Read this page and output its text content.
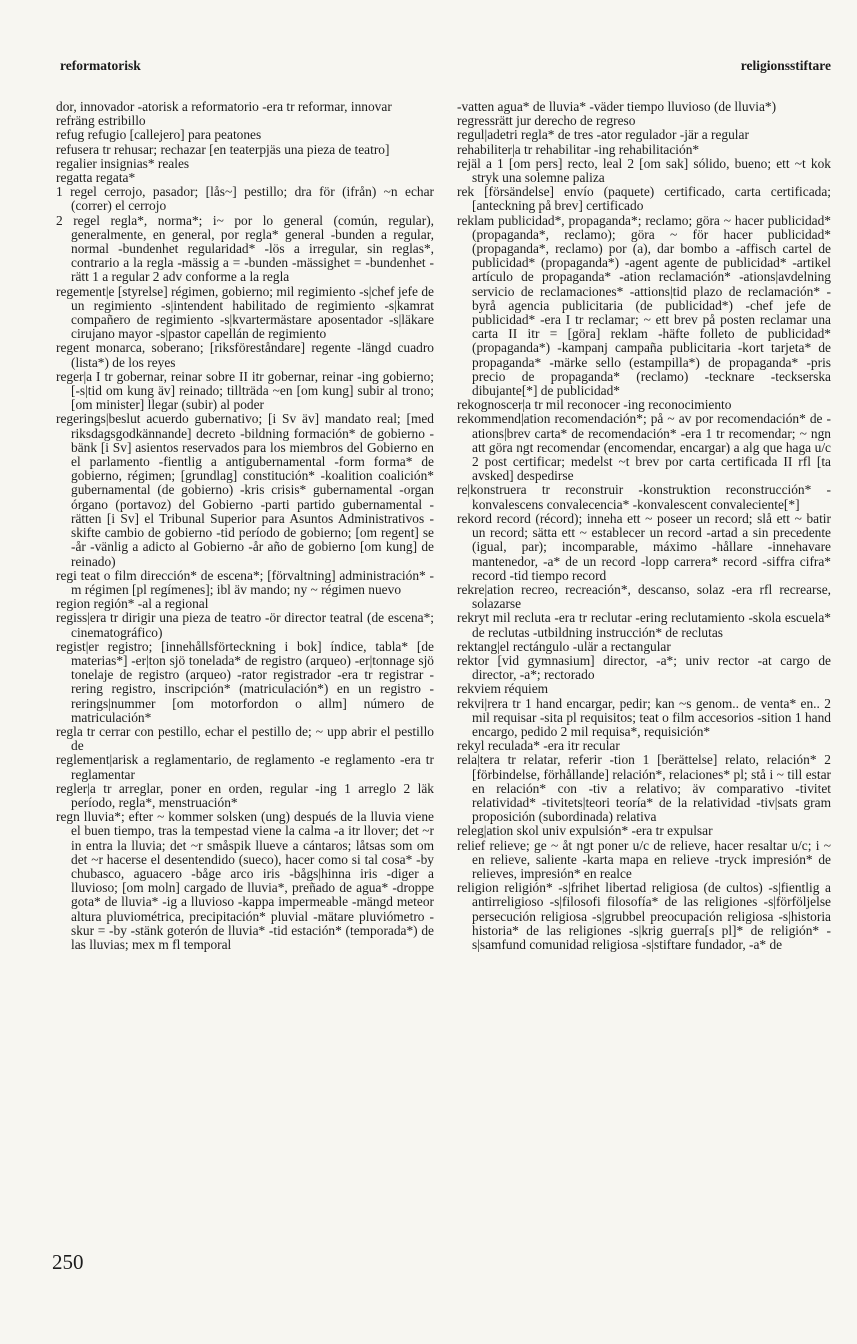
reformatorisk	religionsstiftare

dor, innovador -atorisk a reformatorio -era tr reformar, innovar

refräng estribillo

refug refugio [callejero] para peatones

refusera tr rehusar; rechazar [en teaterpjäs una pieza de teatro]

regalier insignias* reales

regatta regata*

1 regel cerrojo, pasador; [lås~] pestillo; dra för (ifrån) ~n echar (correr) el cerrojo

2 regel regla*, norma*; i~ por lo general (común, regular), generalmente, en general, por regla* general -bunden a regular, normal -bundenhet regularidad* -lös a irregular, sin reglas*, contrario a la regla -mässig a = -bunden -mässighet = -bundenhet -rätt 1 a regular 2 adv conforme a la regla

regement|e [styrelse] régimen, gobierno; mil regimiento -s|chef jefe de un regimiento -s|intendent habilitado de regimiento -s|kamrat compañero de regimiento -s|kvartermästare aposentador -s|läkare cirujano mayor -s|pastor capellán de regimiento

regent monarca, soberano; [riksföreståndare] regente -längd cuadro (lista*) de los reyes

reger|a I tr gobernar, reinar sobre II itr gobernar, reinar -ing gobierno; [-s|tid om kung äv] reinado; tillträda ~en [om kung] subir al trono; [om minister] llegar (subir) al poder

regerings|beslut acuerdo gubernativo; [i Sv äv] mandato real; [med riksdagsgodkännande] decreto -bildning formación* de gobierno -bänk [i Sv] asientos reservados para los miembros del Gobierno en el parlamento -fientlig a antigubernamental -form forma* de gobierno, régimen; [grundlag] constitución* -koalition coalición* gubernamental (de gobierno) -kris crisis* gubernamental -organ órgano (portavoz) del Gobierno -parti partido gubernamental -rätten [i Sv] el Tribunal Superior para Asuntos Administrativos -skifte cambio de gobierno -tid período de gobierno; [om regent] se -år -vänlig a adicto al Gobierno -år año de gobierno [om kung] de reinado)

regi teat o film dirección* de escena*; [förvaltning] administración* -m régimen [pl regímenes]; ibl äv mando; ny ~ régimen nuevo

region región* -al a regional

regiss|era tr dirigir una pieza de teatro -ör director teatral (de escena*; cinematográfico)

regist|er registro; [innehållsförteckning i bok] índice, tabla* [de materias*] -er|ton sjö tonelada* de registro (arqueo) -er|tonnage sjö tonelaje de registro (arqueo) -rator registrador -era tr registrar -rering registro, inscripción* (matriculación*) en un registro -rerings|nummer [om motorfordon o allm] número de matriculación*

regla tr cerrar con pestillo, echar el pestillo de; ~ upp abrir el pestillo de

reglement|arisk a reglamentario, de reglamento -e reglamento -era tr reglamentar

regler|a tr arreglar, poner en orden, regular -ing 1 arreglo 2 läk período, regla*, menstruación*

regn lluvia*; efter ~ kommer solsken (ung) después de la lluvia viene el buen tiempo, tras la tempestad viene la calma -a itr llover; det ~r in entra la lluvia; det ~r småspik llueve a cántaros; låtsas som om det ~r hacerse el desentendido (sueco), hacer como si tal cosa* -by chubasco, aguacero -båge arco iris -bågs|hinna iris -diger a lluvioso; [om moln] cargado de lluvia*, preñado de agua* -droppe gota* de lluvia* -ig a lluvioso -kappa impermeable -mängd meteor altura pluviométrica, precipitación* pluvial -mätare pluviómetro -skur = -by -stänk goterón de lluvia* -tid estación* (temporada*) de las lluvias; mex m fl temporal

-vatten agua* de lluvia* -väder tiempo lluvioso (de lluvia*)

regressrätt jur derecho de regreso

regul|adetri regla* de tres -ator regulador -jär a regular

rehabiliter|a tr rehabilitar -ing rehabilitación*

rejäl a 1 [om pers] recto, leal 2 [om sak] sólido, bueno; ett ~t kok stryk una solemne paliza

rek [försändelse] envío (paquete) certificado, carta certificada; [anteckning på brev] certificado

reklam publicidad*, propaganda*; reclamo; göra ~ hacer publicidad* (propaganda*, reclamo); göra ~ för hacer publicidad* (propaganda*, reclamo) por (a), dar bombo a -affisch cartel de publicidad* (propaganda*) -agent agente de publicidad* -artikel artículo de propaganda* -ation reclamación* -ations|avdelning servicio de reclamaciones* -attions|tid plazo de reclamación* -byrå agencia publicitaria (de publicidad*) -chef jefe de publicidad* -era I tr reclamar; ~ ett brev på posten reclamar una carta II itr = [göra] reklam -häfte folleto de publicidad* (propaganda*) -kampanj campaña publicitaria -kort tarjeta* de propaganda* -märke sello (estampilla*) de propaganda* -pris precio de propaganda* (reclamo) -tecknare -teckserska dibujante[*] de publicidad*

rekognoscer|a tr mil reconocer -ing reconocimiento

rekommend|ation recomendación*; på ~ av por recomendación* de -ations|brev carta* de recomendación* -era 1 tr recomendar; ~ ngn att göra ngt recomendar (encomendar, encargar) a alg que haga u/c 2 post certificar; medelst ~t brev por carta certificada II rfl [ta avsked] despedirse

re|konstruera tr reconstruir -konstruktion reconstrucción* -konvalescens convalecencia* -konvalescent convaleciente[*]

rekord record (récord); inneha ett ~ poseer un record; slå ett ~ batir un record; sätta ett ~ establecer un record -artad a sin precedente (igual, par); incomparable, máximo -hållare -innehavare mantenedor, -a* de un record -lopp carrera* record -siffra cifra* record -tid tiempo record

rekre|ation recreo, recreación*, descanso, solaz -era rfl recrearse, solazarse

rekryt mil recluta -era tr reclutar -ering reclutamiento -skola escuela* de reclutas -utbildning instrucción* de reclutas

rektang|el rectángulo -ulär a rectangular

rektor [vid gymnasium] director, -a*; univ rector -at cargo de director, -a*; rectorado

rekviem réquiem

rekvi|rera tr 1 hand encargar, pedir; kan ~s genom.. de venta* en.. 2 mil requisar -sita pl requisitos; teat o film accesorios -sition 1 hand encargo, pedido 2 mil requisa*, requisición*

rekyl reculada* -era itr recular

rela|tera tr relatar, referir -tion 1 [berättelse] relato, relación* 2 [förbindelse, förhållande] relación*, relaciones* pl; stå i ~ till estar en relación* con -tiv a relativo; äv comparativo -tivitet relatividad* -tivitets|teori teoría* de la relatividad -tiv|sats gram proposición (subordinada) relativa

releg|ation skol univ expulsión* -era tr expulsar

relief relieve; ge ~ åt ngt poner u/c de relieve, hacer resaltar u/c; i ~ en relieve, saliente -karta mapa en relieve -tryck impresión* de relieves, impresión* en realce

religion religión* -s|frihet libertad religiosa (de cultos) -s|fientlig a antirreligioso -s|filosofi filosofía* de las religiones -s|förföljelse persecución religiosa -s|grubbel preocupación religiosa -s|historia historia* de las religiones -s|krig guerra[s pl]* de religión* -s|samfund comunidad religiosa -s|stiftare fundador, -a* de

250
